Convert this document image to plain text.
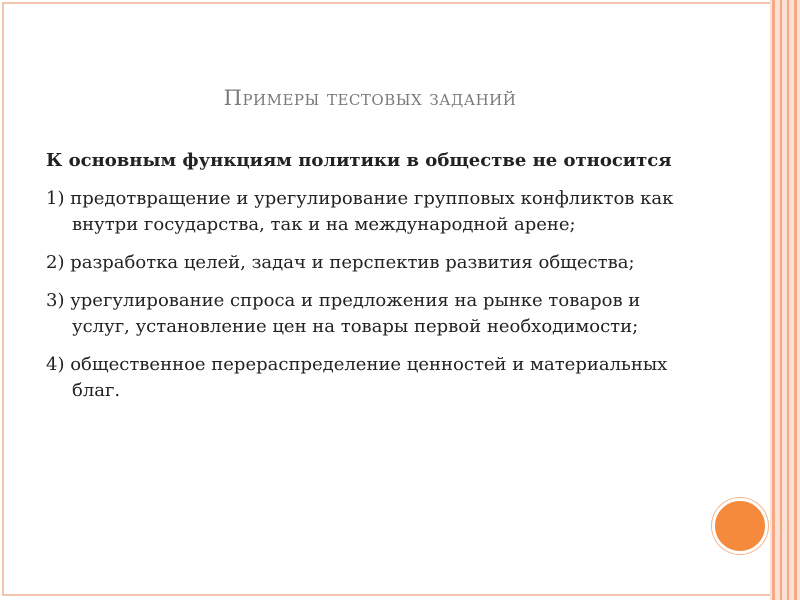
Примеры тестовых заданий

К основным функциям политики в обществе не относится

1) предотвращение и урегулирование групповых конфликтов как внутри государства, так и на международной арене;

2) разработка целей, задач и перспектив развития общества;

3) урегулирование спроса и предложения на рынке товаров и услуг, установление цен на товары первой необходимости;

4) общественное перераспределение ценностей и материальных благ.
